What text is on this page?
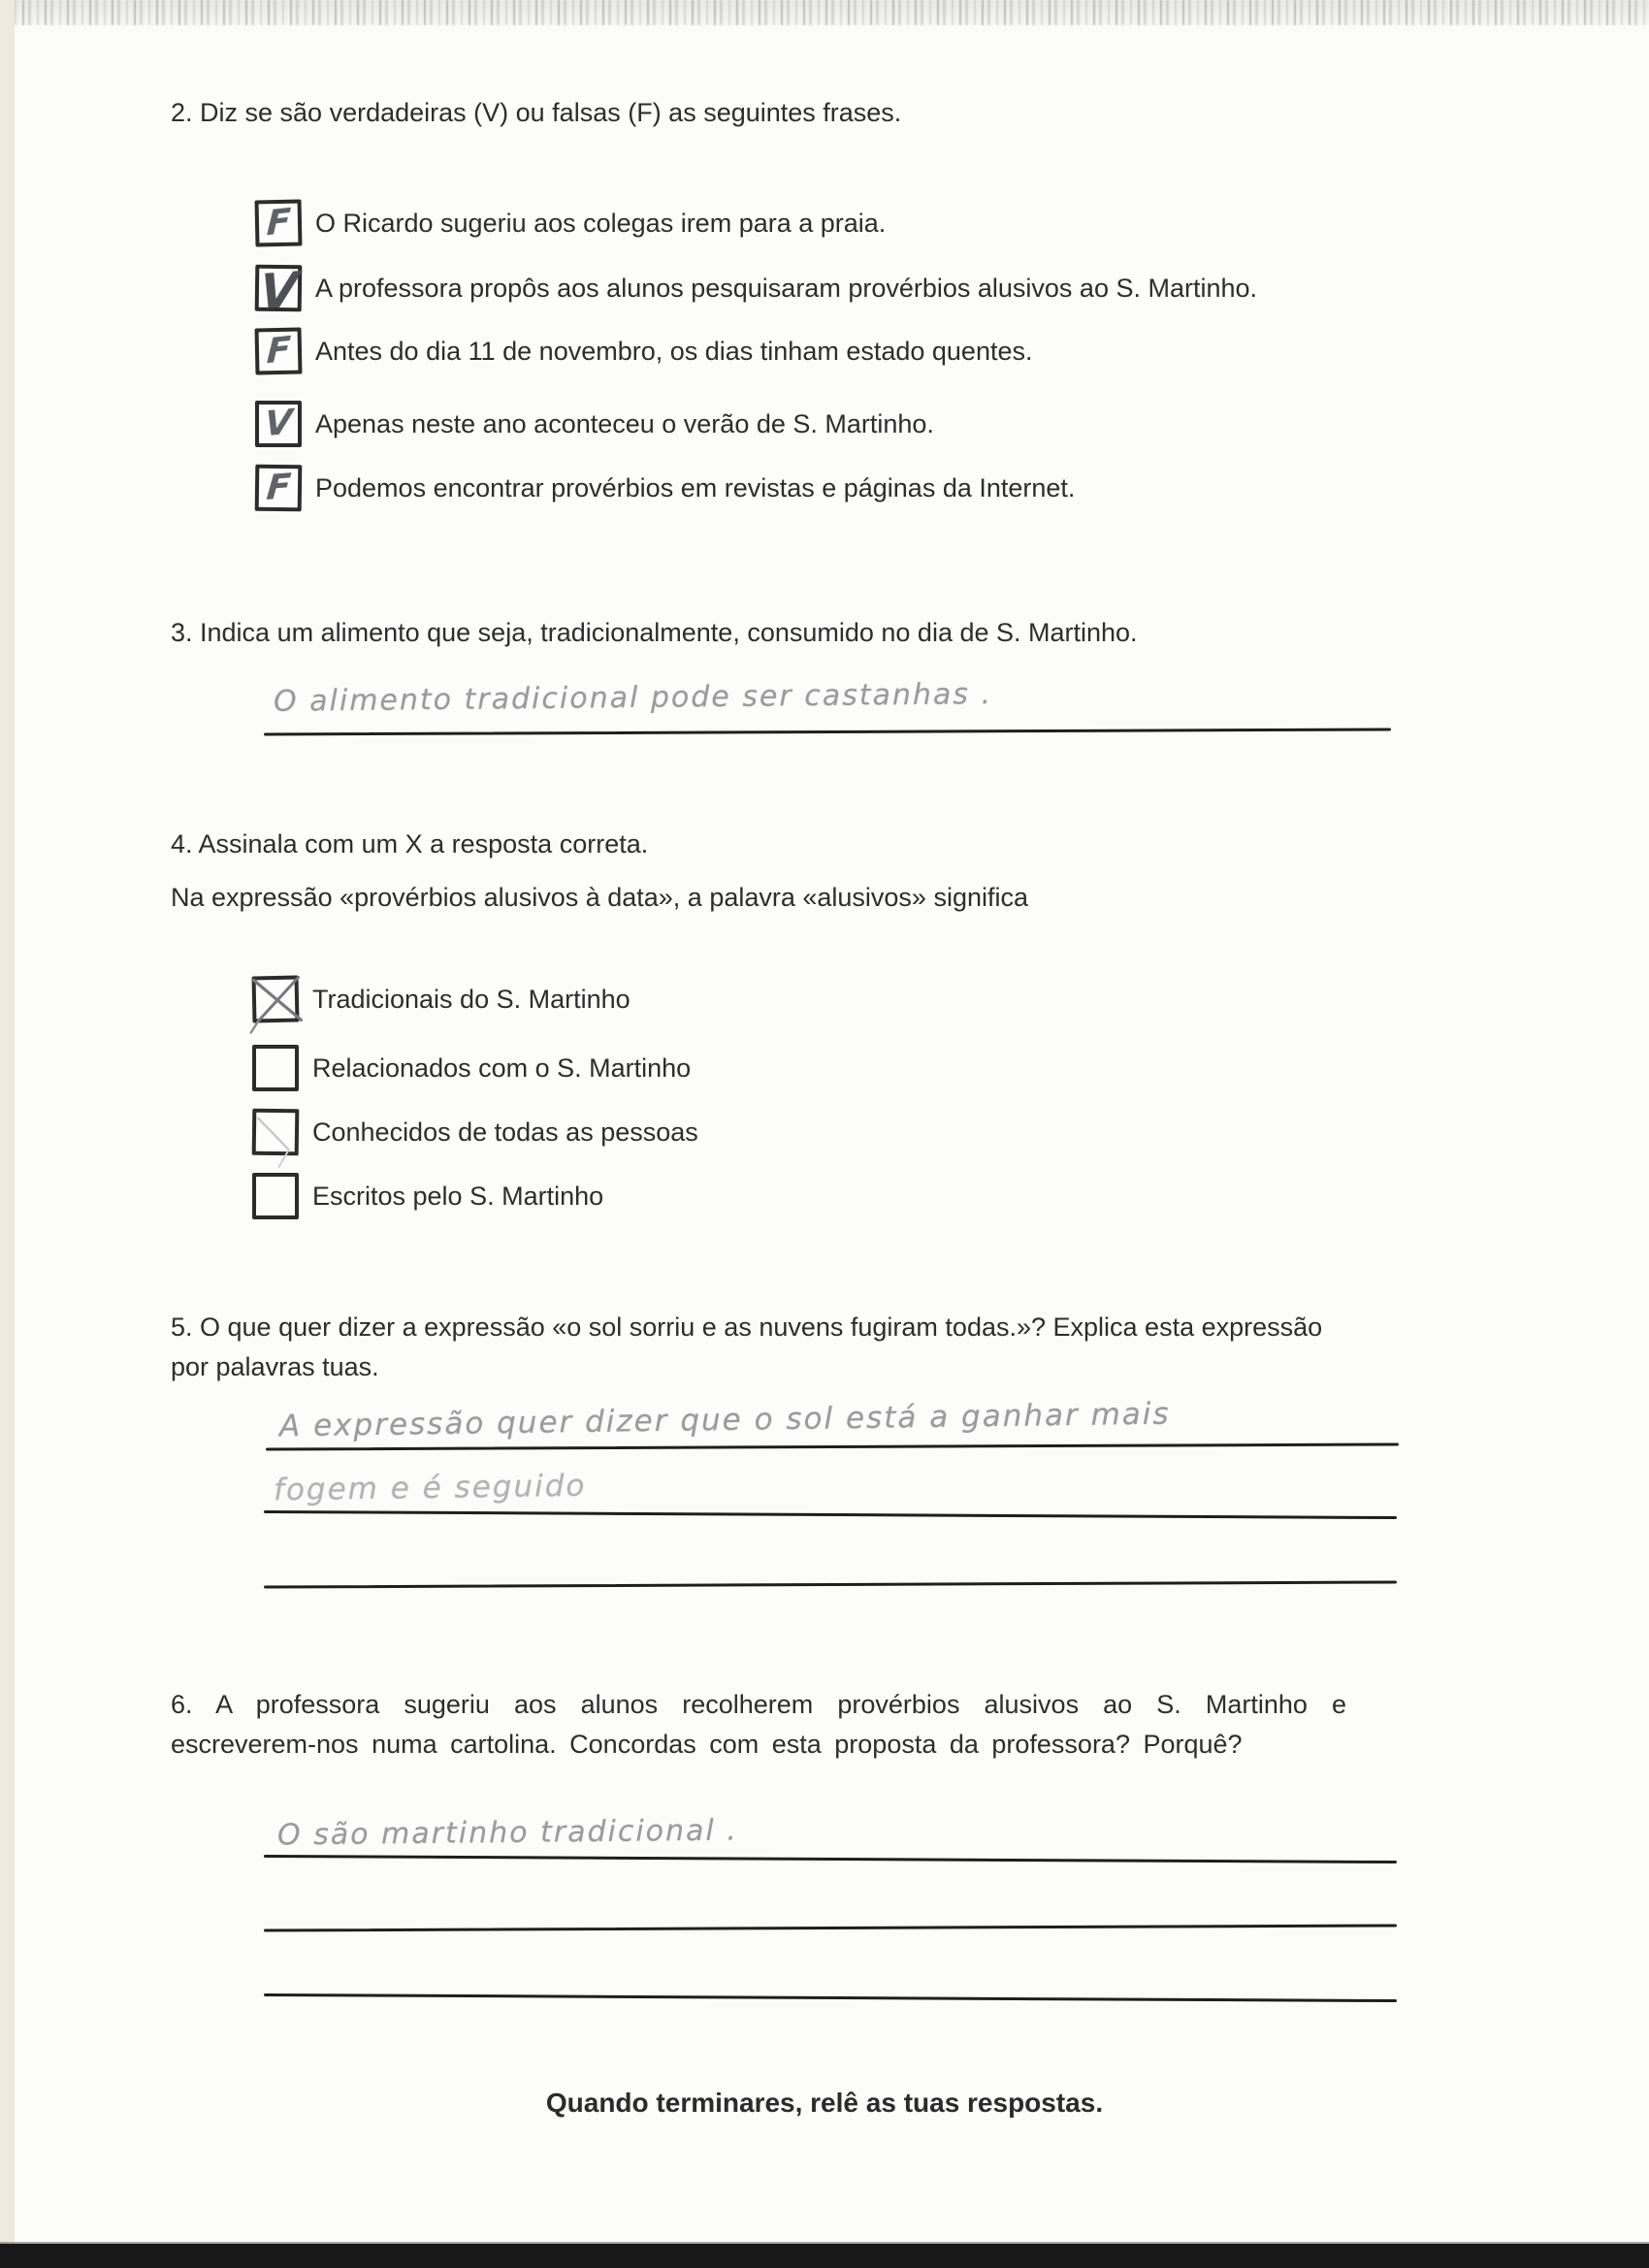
2. Diz se são verdadeiras (V) ou falsas (F) as seguintes frases.
F O Ricardo sugeriu aos colegas irem para a praia.
V A professora propôs aos alunos pesquisaram provérbios alusivos ao S. Martinho.
F Antes do dia 11 de novembro, os dias tinham estado quentes.
V Apenas neste ano aconteceu o verão de S. Martinho.
F Podemos encontrar provérbios em revistas e páginas da Internet.
3. Indica um alimento que seja, tradicionalmente, consumido no dia de S. Martinho.
O alimento tradicional pode ser castanhas .
4. Assinala com um X a resposta correta.
Na expressão «provérbios alusivos à data», a palavra «alusivos» significa
Tradicionais do S. Martinho
Relacionados com o S. Martinho
Conhecidos de todas as pessoas
Escritos pelo S. Martinho
5. O que quer dizer a expressão «o sol sorriu e as nuvens fugiram todas.»? Explica esta expressão por palavras tuas.
A expressão quer dizer que o sol está a ganhar mais
fogem e é seguido
6. A professora sugeriu aos alunos recolherem provérbios alusivos ao S. Martinho e escreverem-nos numa cartolina. Concordas com esta proposta da professora? Porquê?
O são martinho tradicional .
Quando terminares, relê as tuas respostas.
